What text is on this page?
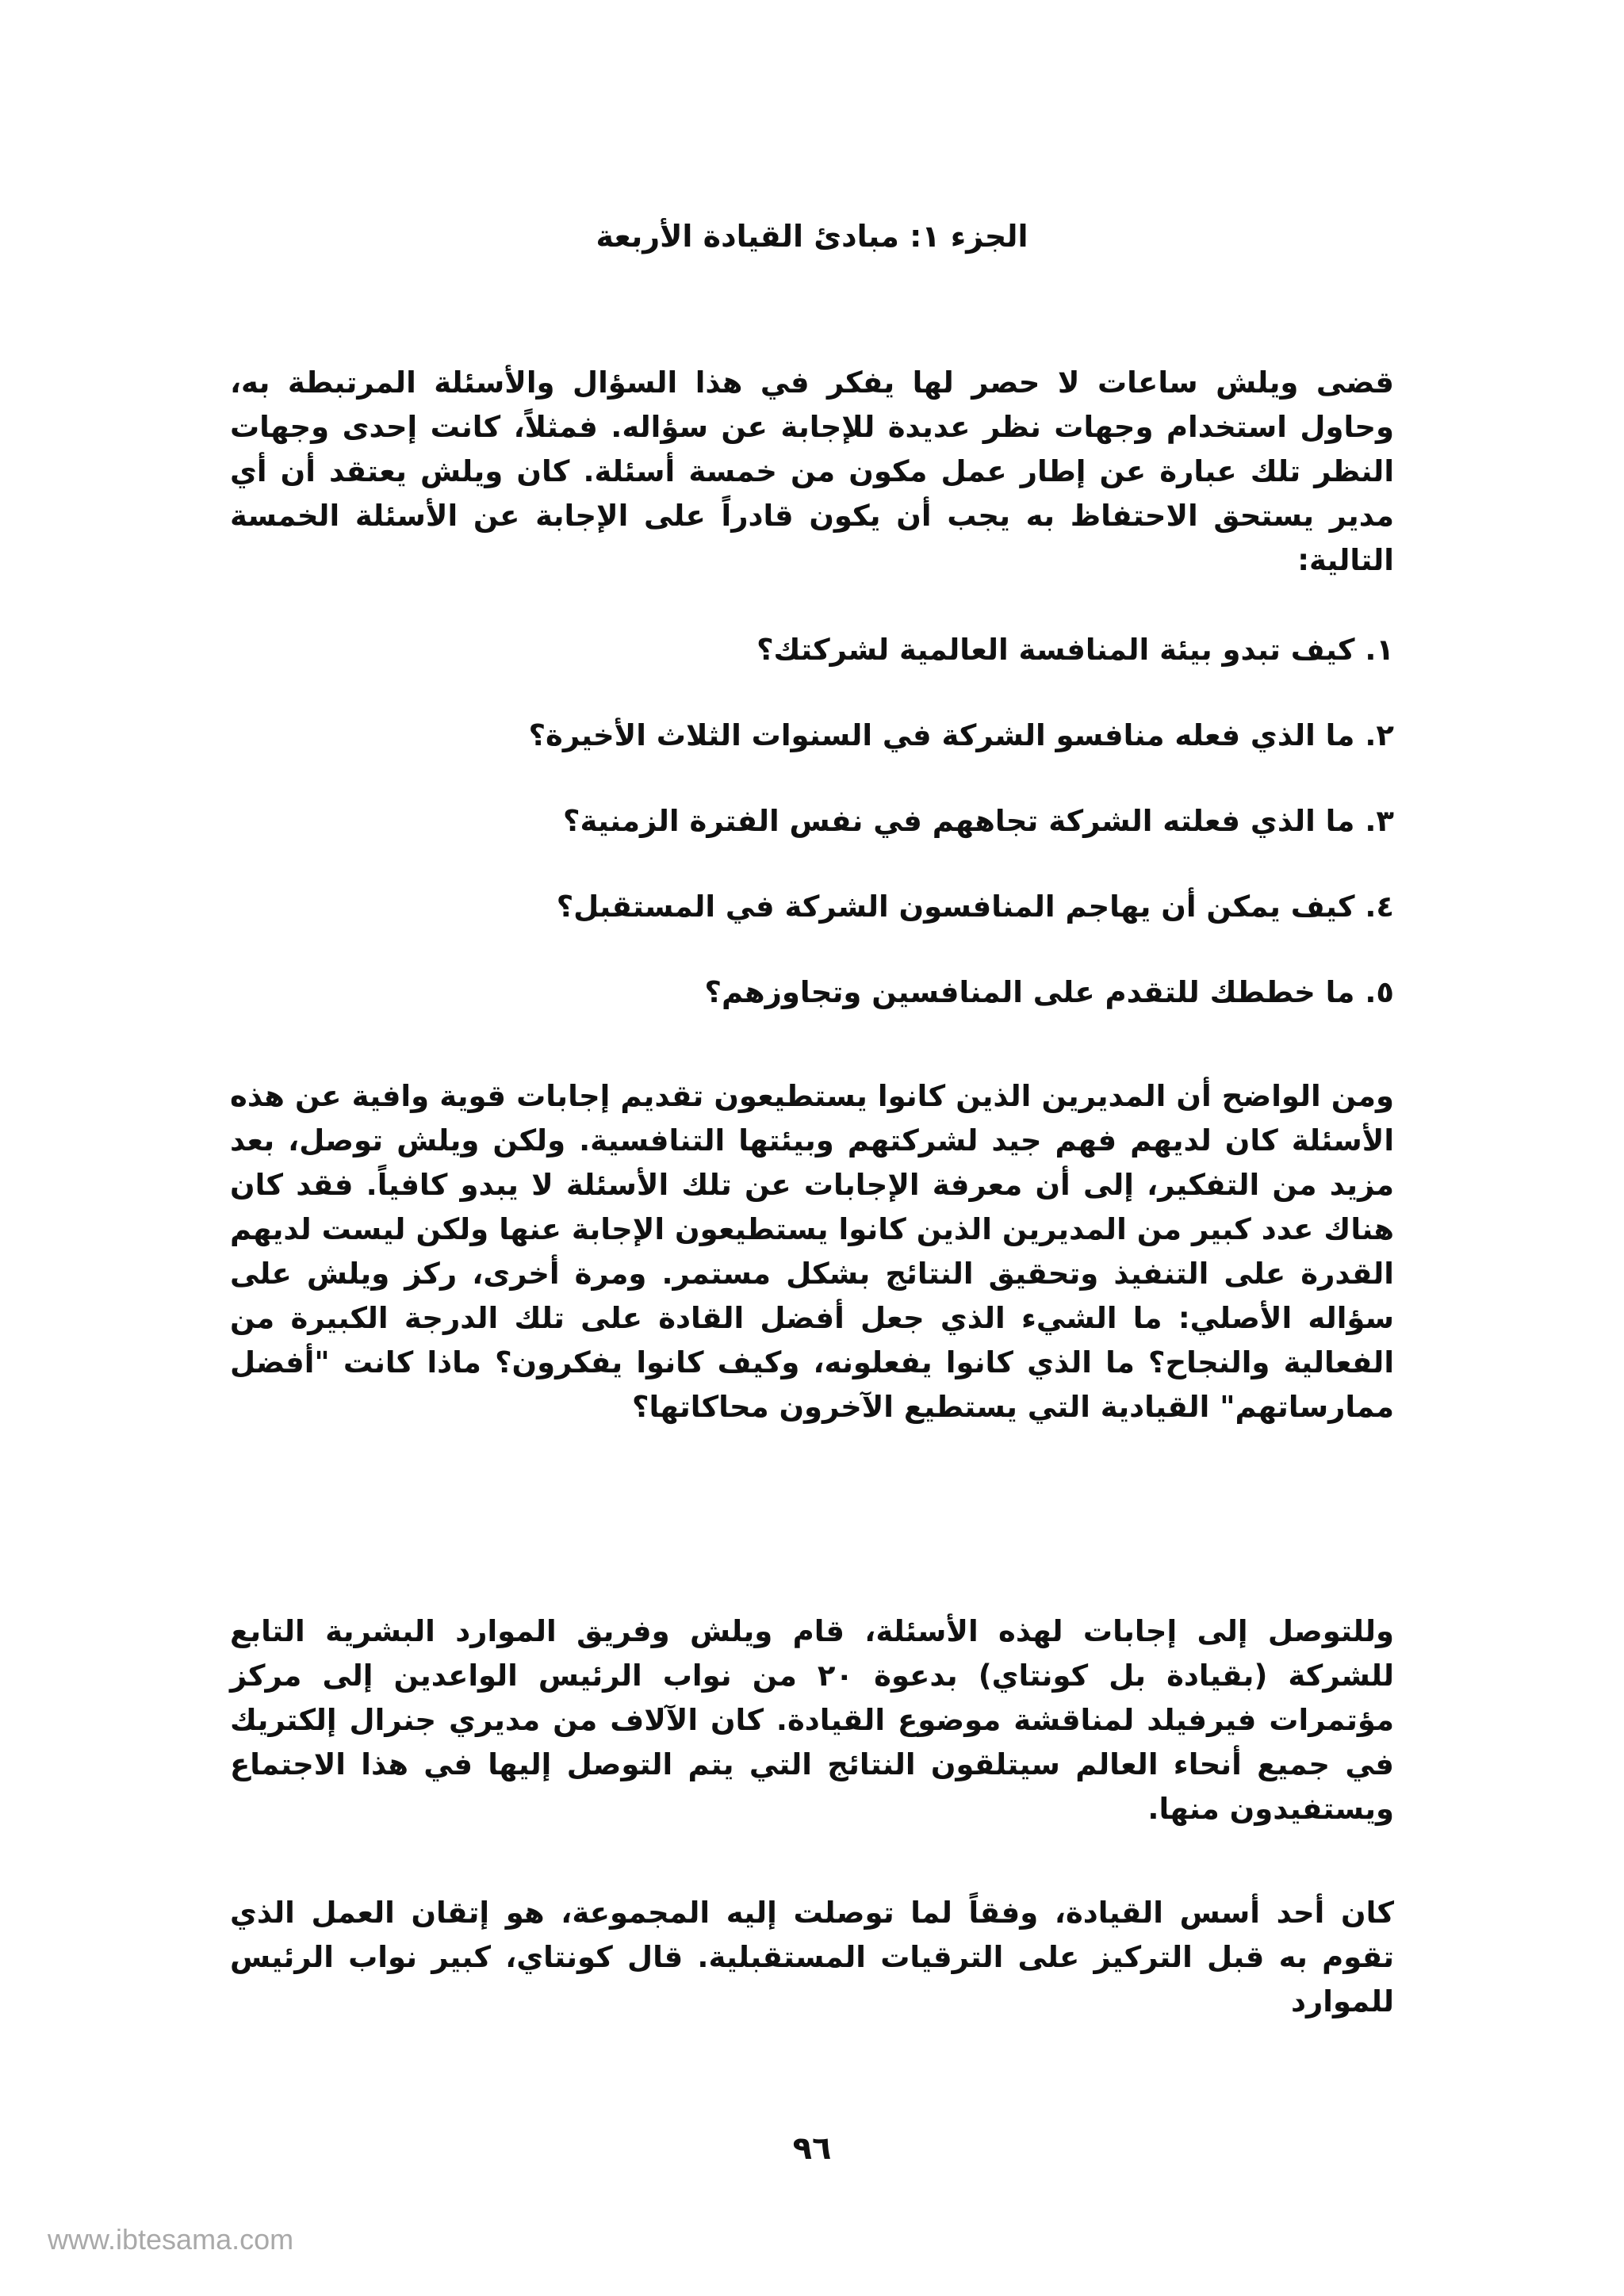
الجزء ١: مبادئ القيادة الأربعة

قضى ويلش ساعات لا حصر لها يفكر في هذا السؤال والأسئلة المرتبطة به، وحاول استخدام وجهات نظر عديدة للإجابة عن سؤاله. فمثلاً، كانت إحدى وجهات النظر تلك عبارة عن إطار عمل مكون من خمسة أسئلة. كان ويلش يعتقد أن أي مدير يستحق الاحتفاظ به يجب أن يكون قادراً على الإجابة عن الأسئلة الخمسة التالية:

١. كيف تبدو بيئة المنافسة العالمية لشركتك؟
٢. ما الذي فعله منافسو الشركة في السنوات الثلاث الأخيرة؟
٣. ما الذي فعلته الشركة تجاههم في نفس الفترة الزمنية؟
٤. كيف يمكن أن يهاجم المنافسون الشركة في المستقبل؟
٥. ما خططك للتقدم على المنافسين وتجاوزهم؟

ومن الواضح أن المديرين الذين كانوا يستطيعون تقديم إجابات قوية وافية عن هذه الأسئلة كان لديهم فهم جيد لشركتهم وبيئتها التنافسية. ولكن ويلش توصل، بعد مزيد من التفكير، إلى أن معرفة الإجابات عن تلك الأسئلة لا يبدو كافياً. فقد كان هناك عدد كبير من المديرين الذين كانوا يستطيعون الإجابة عنها ولكن ليست لديهم القدرة على التنفيذ وتحقيق النتائج بشكل مستمر. ومرة أخرى، ركز ويلش على سؤاله الأصلي: ما الشيء الذي جعل أفضل القادة على تلك الدرجة الكبيرة من الفعالية والنجاح؟ ما الذي كانوا يفعلونه، وكيف كانوا يفكرون؟ ماذا كانت "أفضل ممارساتهم" القيادية التي يستطيع الآخرون محاكاتها؟

وللتوصل إلى إجابات لهذه الأسئلة، قام ويلش وفريق الموارد البشرية التابع للشركة (بقيادة بل كونتاي) بدعوة ٢٠ من نواب الرئيس الواعدين إلى مركز مؤتمرات فيرفيلد لمناقشة موضوع القيادة. كان الآلاف من مديري جنرال إلكتريك في جميع أنحاء العالم سيتلقون النتائج التي يتم التوصل إليها في هذا الاجتماع ويستفيدون منها.

كان أحد أسس القيادة، وفقاً لما توصلت إليه المجموعة، هو إتقان العمل الذي تقوم به قبل التركيز على الترقيات المستقبلية. قال كونتاي، كبير نواب الرئيس للموارد

٩٦
www.ibtesama.com
